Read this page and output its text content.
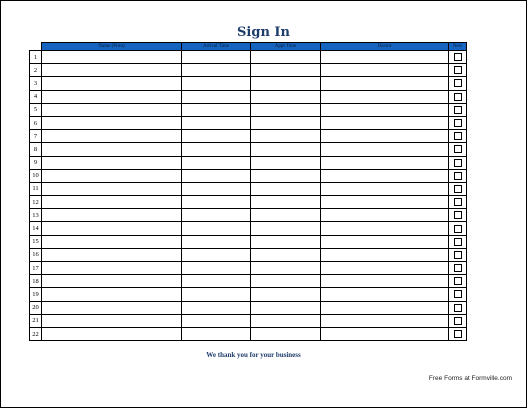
Sign In
	Name (Print)	Arrival Time	Appt Time	Doctor	New
1					
2					
3					
4					
5					
6					
7					
8					
9					
10					
11					
12					
13					
14					
15					
16					
17					
18					
19					
20					
21					
22					
We thank you for your business
Free Forms at Formville.com
